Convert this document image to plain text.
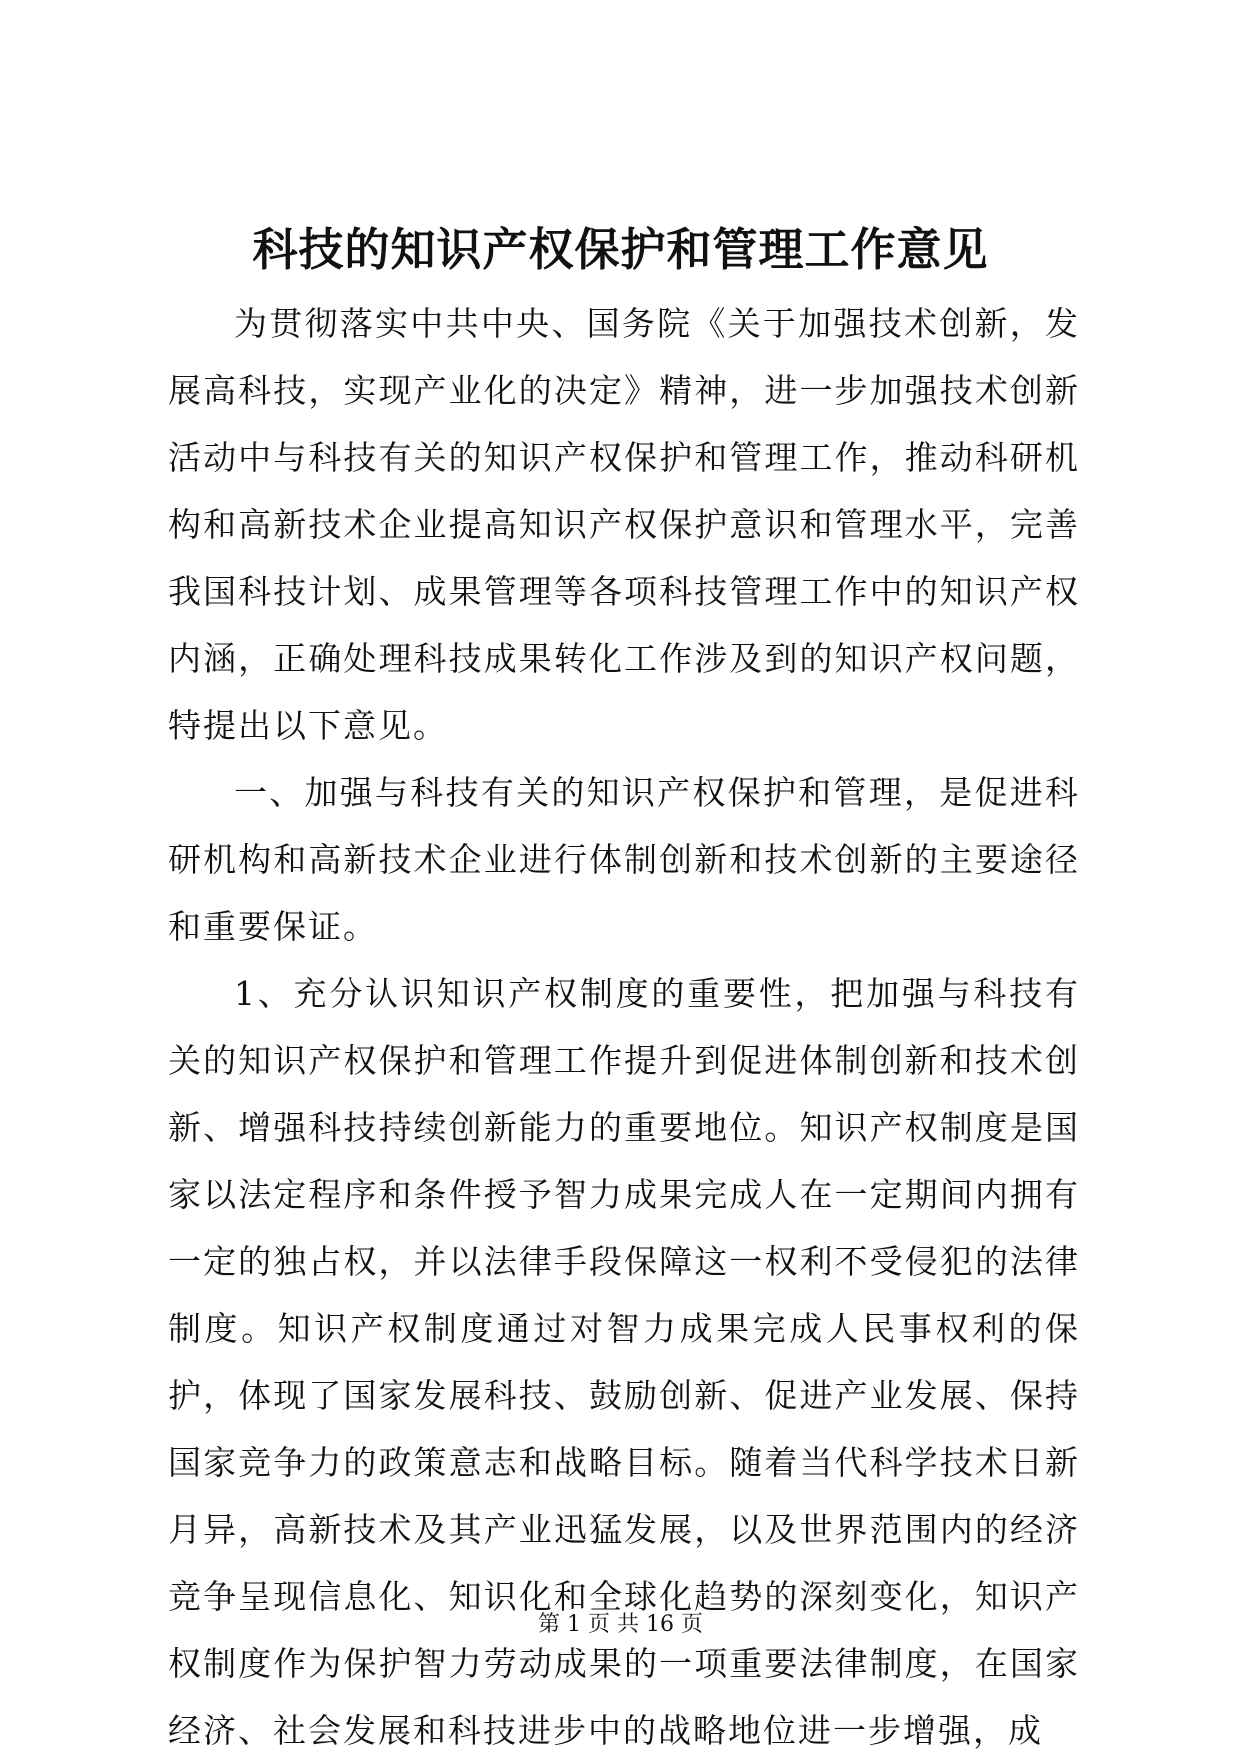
科技的知识产权保护和管理工作意见

为贯彻落实中共中央、国务院《关于加强技术创新，发展高科技，实现产业化的决定》精神，进一步加强技术创新活动中与科技有关的知识产权保护和管理工作，推动科研机构和高新技术企业提高知识产权保护意识和管理水平，完善我国科技计划、成果管理等各项科技管理工作中的知识产权内涵，正确处理科技成果转化工作涉及到的知识产权问题，特提出以下意见。

一、加强与科技有关的知识产权保护和管理，是促进科研机构和高新技术企业进行体制创新和技术创新的主要途径和重要保证。

1、充分认识知识产权制度的重要性，把加强与科技有关的知识产权保护和管理工作提升到促进体制创新和技术创新、增强科技持续创新能力的重要地位。知识产权制度是国家以法定程序和条件授予智力成果完成人在一定期间内拥有一定的独占权，并以法律手段保障这一权利不受侵犯的法律制度。知识产权制度通过对智力成果完成人民事权利的保护，体现了国家发展科技、鼓励创新、促进产业发展、保持国家竞争力的政策意志和战略目标。随着当代科学技术日新月异，高新技术及其产业迅猛发展，以及世界范围内的经济竞争呈现信息化、知识化和全球化趋势的深刻变化，知识产权制度作为保护智力劳动成果的一项重要法律制度，在国家经济、社会发展和科技进步中的战略地位进一步增强，成

第 1 页 共 16 页
